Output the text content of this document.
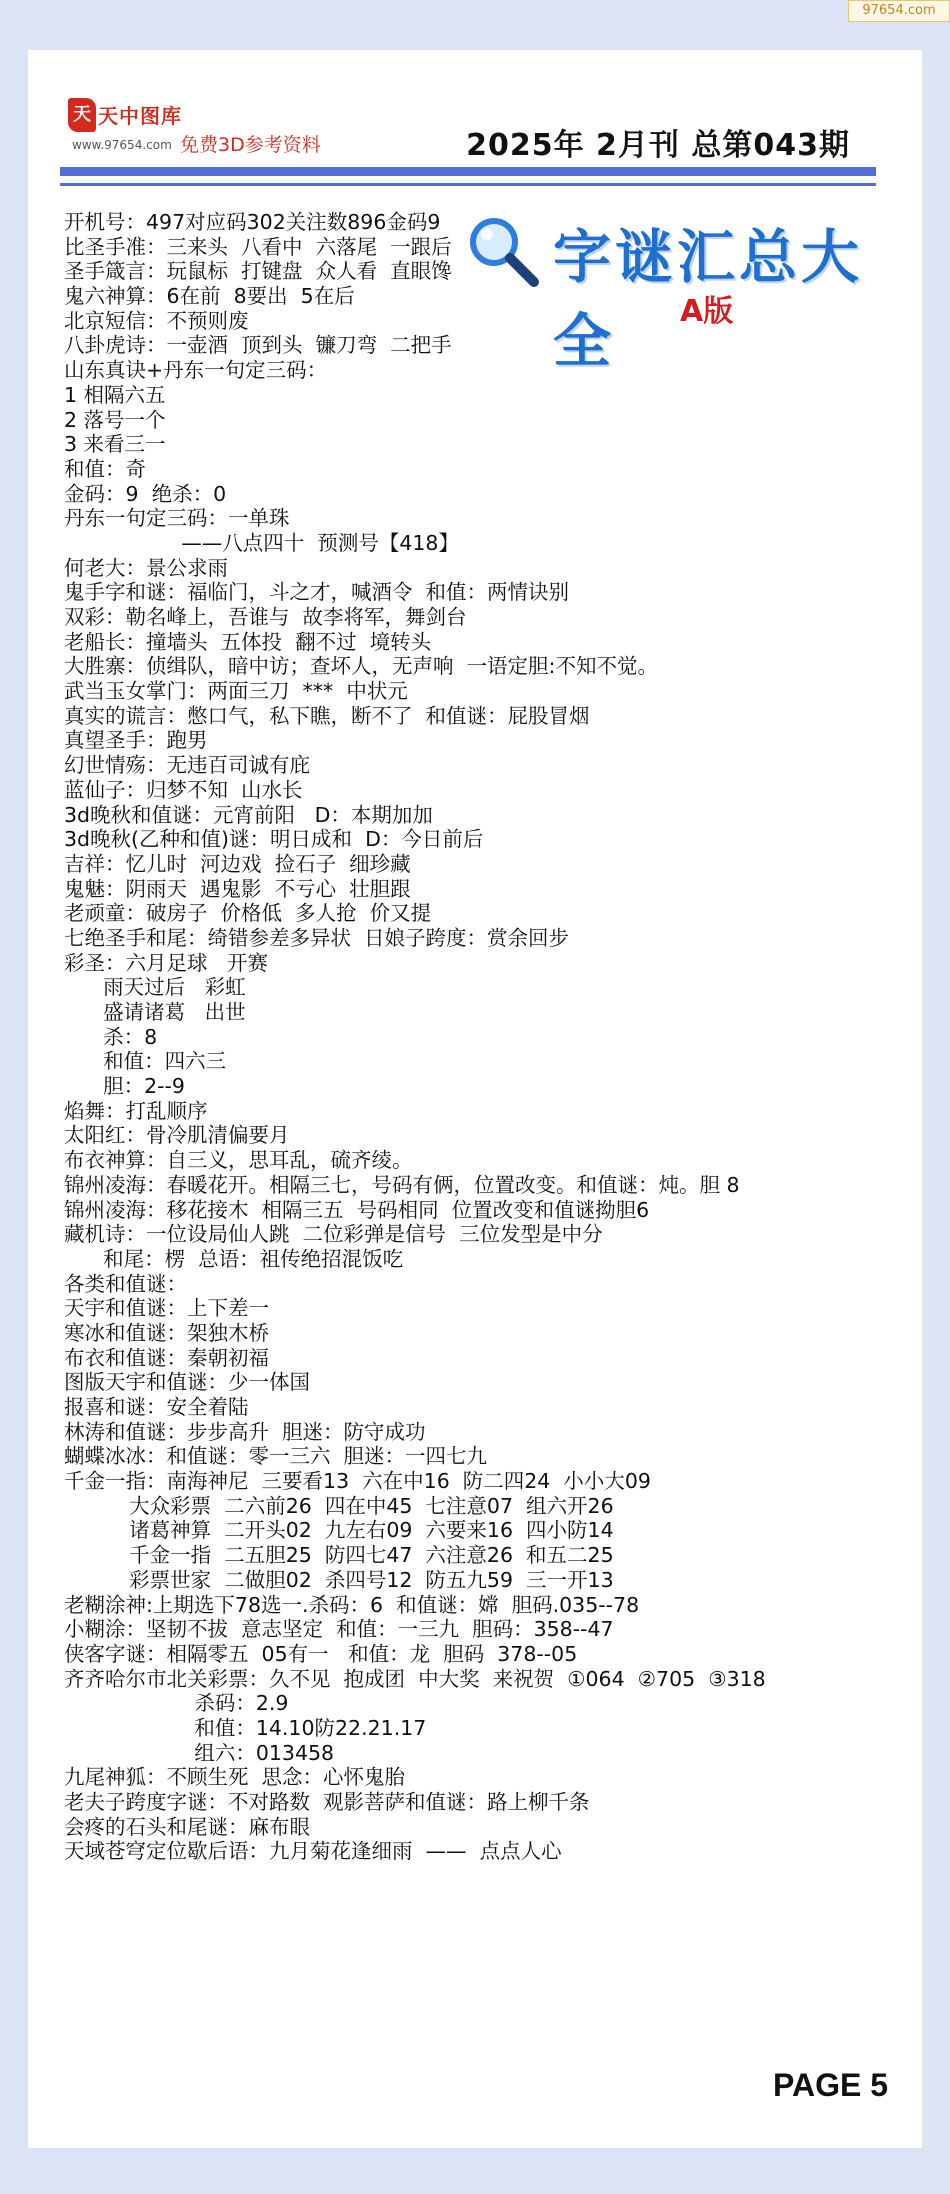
97654.com
天 天中图库
www.97654.com 免费3D参考资料	2025年 2月刊 总第043期
字谜汇总大全	A版
开机号：497对应码302关注数896金码9
比圣手准：三来头  八看中  六落尾  一跟后
圣手箴言：玩鼠标  打键盘  众人看  直眼馋
鬼六神算：6在前  8要出  5在后
北京短信：不预则废
八卦虎诗：一壶酒  顶到头  镰刀弯  二把手
山东真诀+丹东一句定三码：
1 相隔六五
2 落号一个
3 来看三一
和值：奇
金码：9  绝杀：0
丹东一句定三码：一单珠
——八点四十  预测号【418】
何老大：景公求雨
鬼手字和谜：福临门，斗之才，喊酒令  和值：两情诀别
双彩：勒名峰上，吾谁与  故李将军，舞剑台
老船长：撞墙头  五体投  翻不过  境转头
大胜寨：侦缉队，暗中访；查坏人，无声响  一语定胆:不知不觉。
武当玉女掌门：两面三刀  ***  中状元
真实的谎言：憋口气，私下瞧，断不了  和值谜：屁股冒烟
真望圣手：跑男
幻世情殇：无违百司诚有庇
蓝仙子：归梦不知  山水长
3d晚秋和值谜：元宵前阳   D：本期加加
3d晚秋(乙种和值)谜：明日成和  D：今日前后
吉祥：忆儿时  河边戏  捡石子  细珍藏
鬼魅：阴雨天  遇鬼影  不亏心  壮胆跟
老顽童：破房子  价格低  多人抢  价又提
七绝圣手和尾：绮错参差多异状  日娘子跨度：赏余回步
彩圣：六月足球   开赛
雨天过后   彩虹
盛请诸葛   出世
杀：8
和值：四六三
胆：2--9
焰舞：打乱顺序
太阳红：骨冷肌清偏要月
布衣神算：自三义，思耳乱，硫齐绫。
锦州凌海：春暖花开。相隔三七，号码有俩，位置改变。和值谜：炖。胆 8
锦州凌海：移花接木  相隔三五  号码相同  位置改变和值谜拗胆6
藏机诗：一位设局仙人跳  二位彩弹是信号  三位发型是中分
和尾：楞  总语：祖传绝招混饭吃
各类和值谜：
天宇和值谜：上下差一
寒冰和值谜：架独木桥
布衣和值谜：秦朝初福
图版天宇和值谜：少一体国
报喜和谜：安全着陆
林涛和值谜：步步高升  胆迷：防守成功
蝴蝶冰冰：和值谜：零一三六  胆迷：一四七九
千金一指：南海神尼  三要看13  六在中16  防二四24  小小大09
大众彩票  二六前26  四在中45  七注意07  组六开26
诸葛神算  二开头02  九左右09  六要来16  四小防14
千金一指  二五胆25  防四七47  六注意26  和五二25
彩票世家  二做胆02  杀四号12  防五九59  三一开13
老糊涂神:上期选下78选一.杀码：6  和值谜：嫦  胆码.035--78
小糊涂：坚韧不拔  意志坚定  和值：一三九  胆码：358--47
侠客字谜：相隔零五  05有一   和值：龙  胆码  378--05
齐齐哈尔市北关彩票：久不见  抱成团  中大奖  来祝贺  ①064  ②705  ③318
杀码：2.9
和值：14.10防22.21.17
组六：013458
九尾神狐：不顾生死  思念：心怀鬼胎
老夫子跨度字谜：不对路数  观影菩萨和值谜：路上柳千条
会疼的石头和尾谜：麻布眼
天域苍穹定位歇后语：九月菊花逢细雨  ——  点点人心
PAGE 5
